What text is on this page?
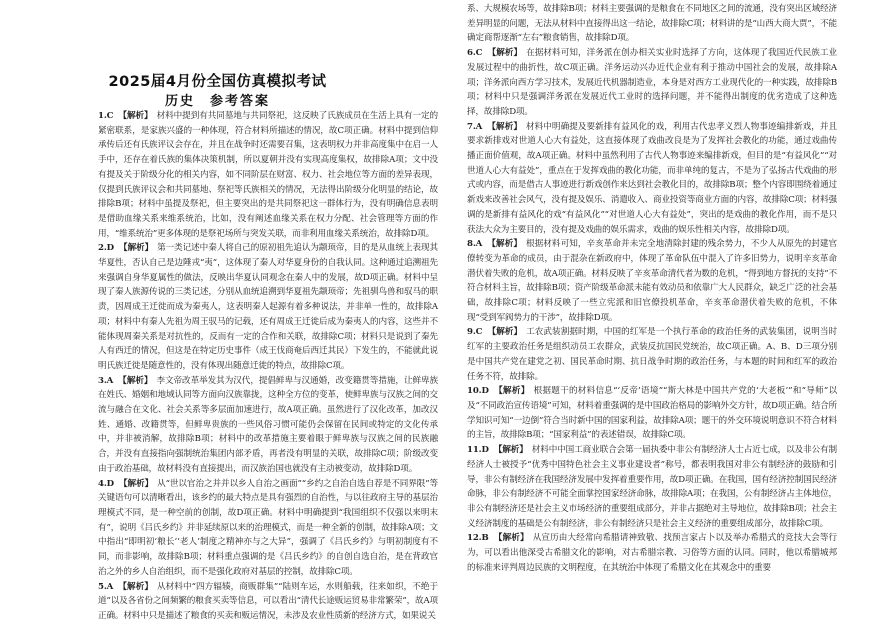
2025届4月份全国仿真模拟考试
历史　参考答案

1.C 【解析】 材料中提到有共同墓地与共同祭祀，这反映了氏族成员在生活上具有一定的紧密联系，是家族兴盛的一种体现，符合材料所描述的情况，故C项正确。材料中提到信仰承传后还有氏族评议会存在，并且在战争时还需要召集，这表明权力并非高度集中在启一人手中，还存在着氏族的集体决策机制，所以夏朝并没有实现高度集权，故排除A项；文中没有提及关于阶级分化的相关内容，如不同阶层在财富、权力、社会地位等方面的差异表现，仅提到氏族评议会和共同墓地、祭祀等氏族相关的情况，无法得出阶级分化明显的结论，故排除B项；材料中虽提及祭祀，但主要突出的是共同祭祀这一群体行为，没有明确信息表明是借助血缘关系来维系统治，比如，没有阐述血缘关系在权力分配、社会管理等方面的作用，“维系统治”更多体现的是祭祀场所与突发关联，而非利用血缘关系统治，故排除D项。

2.D 【解析】 第一类记述中秦人将自己的原初祖先追认为颛顼帝，目的是从血统上表现其华夏性，否认自己是边陲戎“夷”，这体现了秦人对华夏身份的自我认同。这种通过追溯祖先来强调自身华夏属性的做法，反映出华夏认同观念在秦人中的发展，故D项正确。材料中呈现了秦人族源传说的三类记述，分别从血统追溯到华夏祖先颛顼帝；先祖驯鸟兽和驭马的职责，因周成王迁徙而成为秦夷人，这表明秦人起源有着多种说法，并非单一性的，故排除A项；材料中有秦人先祖为周王驭马的记载，还有周成王迁徙后成为秦夷人的内容，这些并不能体现周秦关系是对抗性的，反而有一定的合作和关联，故排除C项；材料只是说到了秦先人有西迁的情况，但这是在特定历史事件（成王伐商奄后西迁其民）下发生的，不能就此说明氏族迁徙是随意性的，没有体现出随意迁徙的特点，故排除C项。

3.A 【解析】 李文帝改革举发其为汉代，提倡鲜卑与汉通婚，改变籍贯等措施，让鲜卑族在姓氏、婚姻和地域认同等方面向汉族靠拢，这种全方位的变革，使鲜卑族与汉族之间的交流与融合在文化、社会关系等多层面加速进行，故A项正确。虽然进行了汉化改革，加改汉姓、通婚、改籍贯等，但鲜卑贵族的一些风俗习惯可能仍会保留在民间或特定的文化传承中，并非被消解，故排除B项；材料中的改革措施主要着眼于鲜卑族与汉族之间的民族融合，并没有直接指向强制统治集团内部矛盾，再者没有明显的关联，故排除C项；阶级改变由于政治基础，故材料没有直接提出，而汉族治国也就没有主动被变动，故排除D项。

4.D 【解析】 从“世以官治之并并以乡人自治之画面”“乡约之自治自选自荐是不同界限”等关键语句可以清晰看出，该乡约的最大特点是具有强烈的自治性，与以往政府主导的基层治理模式不同，是一种空前的创制，故D项正确。材料中明确提到“我国组织不仅强以来明末有”，说明《吕氏乡约》并非延续原以来的治理模式，而是一种全新的创制，故排除A项；文中指出“即明初‘粮长’‘老人’制度之精神亦与之大异”，强调了《吕氏乡约》与明初制度有不同，而非影响，故排除B项；材料重点强调的是《吕氏乡约》的自创自选自治，是在背政官治之外的乡人自治组织，而不是强化政府对基层的控制，故排除C项。

5.A 【解析】 从材料中“四方辐辏，商贩群集”“陆则车运，水则船载，往来如织，不绝于道”以及各省份之间频繁的粮食买卖等信息，可以看出“清代长途贩运贸易非常繁荣”，故A项正确。材料中只是描述了粮食的买卖和贩运情况，未涉及农业性质新的经济方式，如果说关

系、大规模农场等，故排除B项；材料主要强调的是粮食在不同地区之间的流通，没有突出区域经济差异明显的问题，无法从材料中直接得出这一结论，故排除C项；材料讲的是“山西大商大贾”，不能确定商帮逐渐“左右”粮食销售，故排除D项。

6.C 【解析】 在据材料可知，洋务派在创办相关实业时选择了方向，这体现了我国近代民族工业发展过程中的曲折性，故C项正确。洋务运动兴办近代企业有利于推动中国社会的发展，故排除A项；洋务派向西方学习技术，发展近代机器制造业，本身是对西方工业现代化的一种实践，故排除B项；材料中只是强调洋务派在发展近代工业时的选择问题，并不能得出制度的优劣造成了这种选择，故排除D项。

7.A 【解析】 材料中明确提及要新排有益风化的戏，利用古代忠孝义烈人物事迹编排新戏，并且要求新排戏对世道人心大有益处，这直接体现了戏曲改良是为了发挥社会教化的功能，通过戏曲传播正面价值观，故A项正确。材料中虽然利用了古代人物事迹来编排新戏，但目的是“有益风化”“对世道人心大有益处”，重点在于发挥戏曲的教化功能，而非单纯的复古，不是为了弘扬古代戏曲的形式或内容，而是借古人事迹进行新戏创作来达到社会教化目的，故排除B项；整个内容即围绕着通过新戏来改善社会风气，没有提及娱乐、消遣收入、商业投资等商业方面的内容，故排除C项；材料强调的是新排有益风化的戏“有益风化”“对世道人心大有益处”，突出的是戏曲的教化作用，而不是只获法大众为主要目的，没有提及戏曲的娱乐需求，戏曲的娱乐性相关内容，故排除D项。

8.A 【解析】 根据材料可知，辛亥革命并未完全地清除封建的残余势力，不少人从原先的封建官僚转变为革命的成员，由于混杂在新政府中，体现了革命队伍中混入了许多旧势力，说明辛亥革命潜伏着失败的危机，故A项正确。材料反映了辛亥革命清代者为数的危机，“得到地方督抚的支持”不符合材料主旨，故排除B项；资产阶级革命派未能有效动员和依靠广大人民群众，缺乏广泛的社会基础，故排除C项；材料反映了一些立宪派和旧官僚投机革命，辛亥革命潜伏着失败的危机，不体现“受到军阀势力的干涉”，故排除D项。

9.C 【解析】 工农武装割据时期，中国的红军是一个执行革命的政治任务的武装集团，说明当时红军的主要政治任务是组织动员工农群众，武装反抗国民党统治，故C项正确。A、B、D三项分别是中国共产党在建党之初、国民革命时期、抗日战争时期的政治任务，与本题的时间和红军的政治任务不符，故排除。

10.D 【解析】 根据题干的材料信息“‘反帝’语境”“斯大林是中国共产党的‘大老板’”和“导师”以及“不同政治宣传语境”可知，材料着重强调的是中国政治格局的影响外交方针，故D项正确。结合所学知识可知“一边倒”符合当时新中国的国家利益，故排除A项；题干的外交环境说明意识不符合材料的主旨，故排除B项；“国家利益”的表述错误，故排除C项。

11.D 【解析】 材料中中国工商业联合会第一届执委中非公有制经济人士占近七成，以及非公有制经济人士被授予“优秀中国特色社会主义事业建设者”称号，都表明我国对非公有制经济的鼓励和引导，非公有制经济在我国经济发展中发挥着重要作用，故D项正确。在我国，国有经济控制国民经济命脉，非公有制经济不可能全面掌控国家经济命脉，故排除A项；在我国，公有制经济占主体地位，非公有制经济还是社会主义市场经济的重要组成部分，并非占据绝对主导地位，故排除B项；社会主义经济制度的基础是公有制经济，非公有制经济只是社会主义经济的重要组成部分，故排除C项。

12.B 【解析】 从宣历由大经常向希腊请神致敬、找预言家占卜以及举办希腊式的竞技大会等行为，可以看出他深受古希腊文化的影响，对古希腊宗教、习俗等方面的认同。同时，他以希腊城邦的标准来评判周边民族的文明程度，在其统治中体现了希腊文化在其观念中的重要
